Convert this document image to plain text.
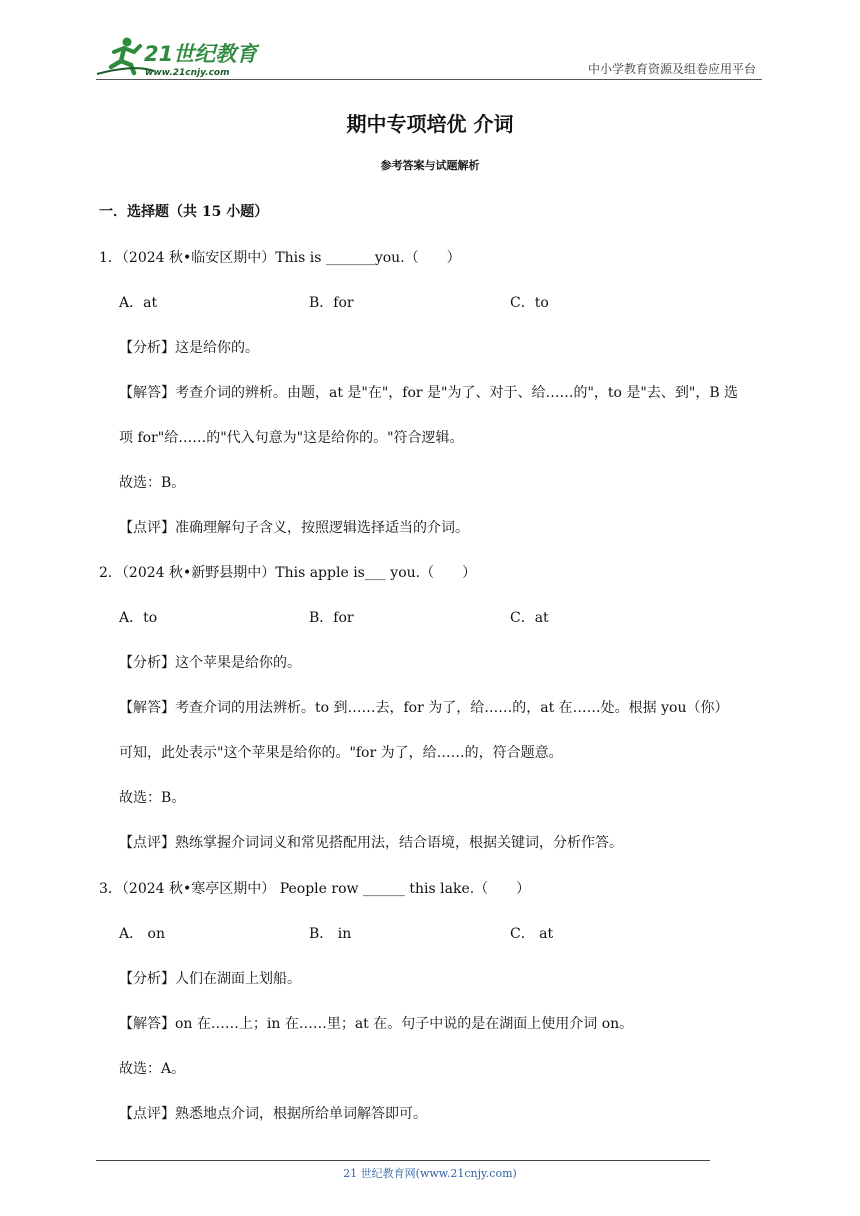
21世纪教育
www.21cnjy.com	中小学教育资源及组卷应用平台
期中专项培优 介词
参考答案与试题解析
一．选择题（共 15 小题）
1．（2024 秋•临安区期中）This is _______you.（　　）
A．at	B．for	C．to
【分析】这是给你的。
【解答】考查介词的辨析。由题，at 是"在"，for 是"为了、对于、给……的"，to 是"去、到"，B 选
项 for"给……的"代入句意为"这是给你的。"符合逻辑。
故选：B。
【点评】准确理解句子含义，按照逻辑选择适当的介词。
2．（2024 秋•新野县期中）This apple is___ you.（　　）
A．to	B．for	C．at
【分析】这个苹果是给你的。
【解答】考查介词的用法辨析。to 到……去，for 为了，给……的，at 在……处。根据 you（你）
可知，此处表示"这个苹果是给你的。"for 为了，给……的，符合题意。
故选：B。
【点评】熟练掌握介词词义和常见搭配用法，结合语境，根据关键词，分析作答。
3．（2024 秋•寒亭区期中） People row ______ this lake.（　　）
A． on	B． in	C． at
【分析】人们在湖面上划船。
【解答】on 在……上；in 在……里；at 在。句子中说的是在湖面上使用介词 on。
故选：A。
【点评】熟悉地点介词，根据所给单词解答即可。
21 世纪教育网(www.21cnjy.com)
